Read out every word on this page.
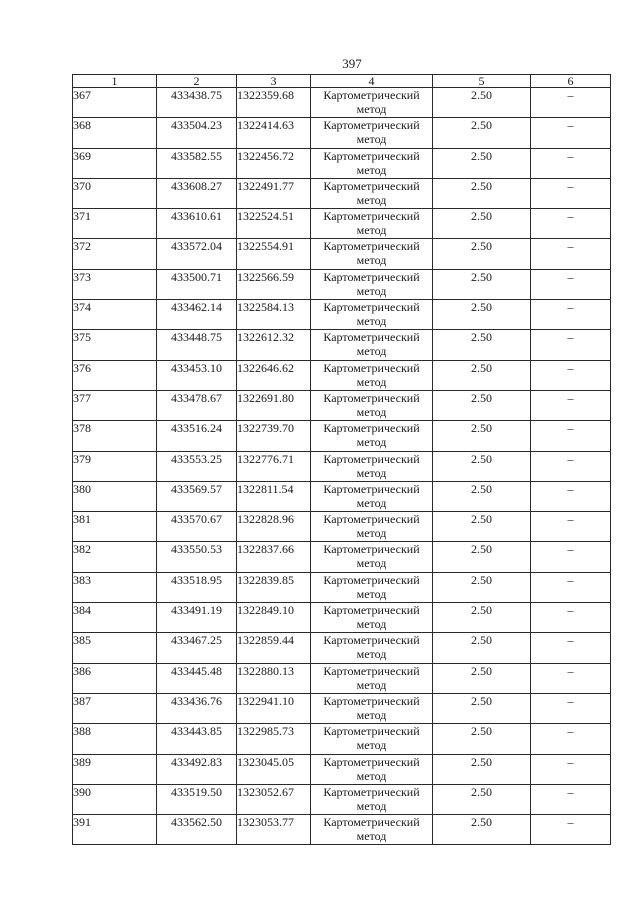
397
1	2	3	4	5	6
367	433438.75	1322359.68	Картометрический
метод	2.50	–
368	433504.23	1322414.63	Картометрический
метод	2.50	–
369	433582.55	1322456.72	Картометрический
метод	2.50	–
370	433608.27	1322491.77	Картометрический
метод	2.50	–
371	433610.61	1322524.51	Картометрический
метод	2.50	–
372	433572.04	1322554.91	Картометрический
метод	2.50	–
373	433500.71	1322566.59	Картометрический
метод	2.50	–
374	433462.14	1322584.13	Картометрический
метод	2.50	–
375	433448.75	1322612.32	Картометрический
метод	2.50	–
376	433453.10	1322646.62	Картометрический
метод	2.50	–
377	433478.67	1322691.80	Картометрический
метод	2.50	–
378	433516.24	1322739.70	Картометрический
метод	2.50	–
379	433553.25	1322776.71	Картометрический
метод	2.50	–
380	433569.57	1322811.54	Картометрический
метод	2.50	–
381	433570.67	1322828.96	Картометрический
метод	2.50	–
382	433550.53	1322837.66	Картометрический
метод	2.50	–
383	433518.95	1322839.85	Картометрический
метод	2.50	–
384	433491.19	1322849.10	Картометрический
метод	2.50	–
385	433467.25	1322859.44	Картометрический
метод	2.50	–
386	433445.48	1322880.13	Картометрический
метод	2.50	–
387	433436.76	1322941.10	Картометрический
метод	2.50	–
388	433443.85	1322985.73	Картометрический
метод	2.50	–
389	433492.83	1323045.05	Картометрический
метод	2.50	–
390	433519.50	1323052.67	Картометрический
метод	2.50	–
391	433562.50	1323053.77	Картометрический
метод	2.50	–
